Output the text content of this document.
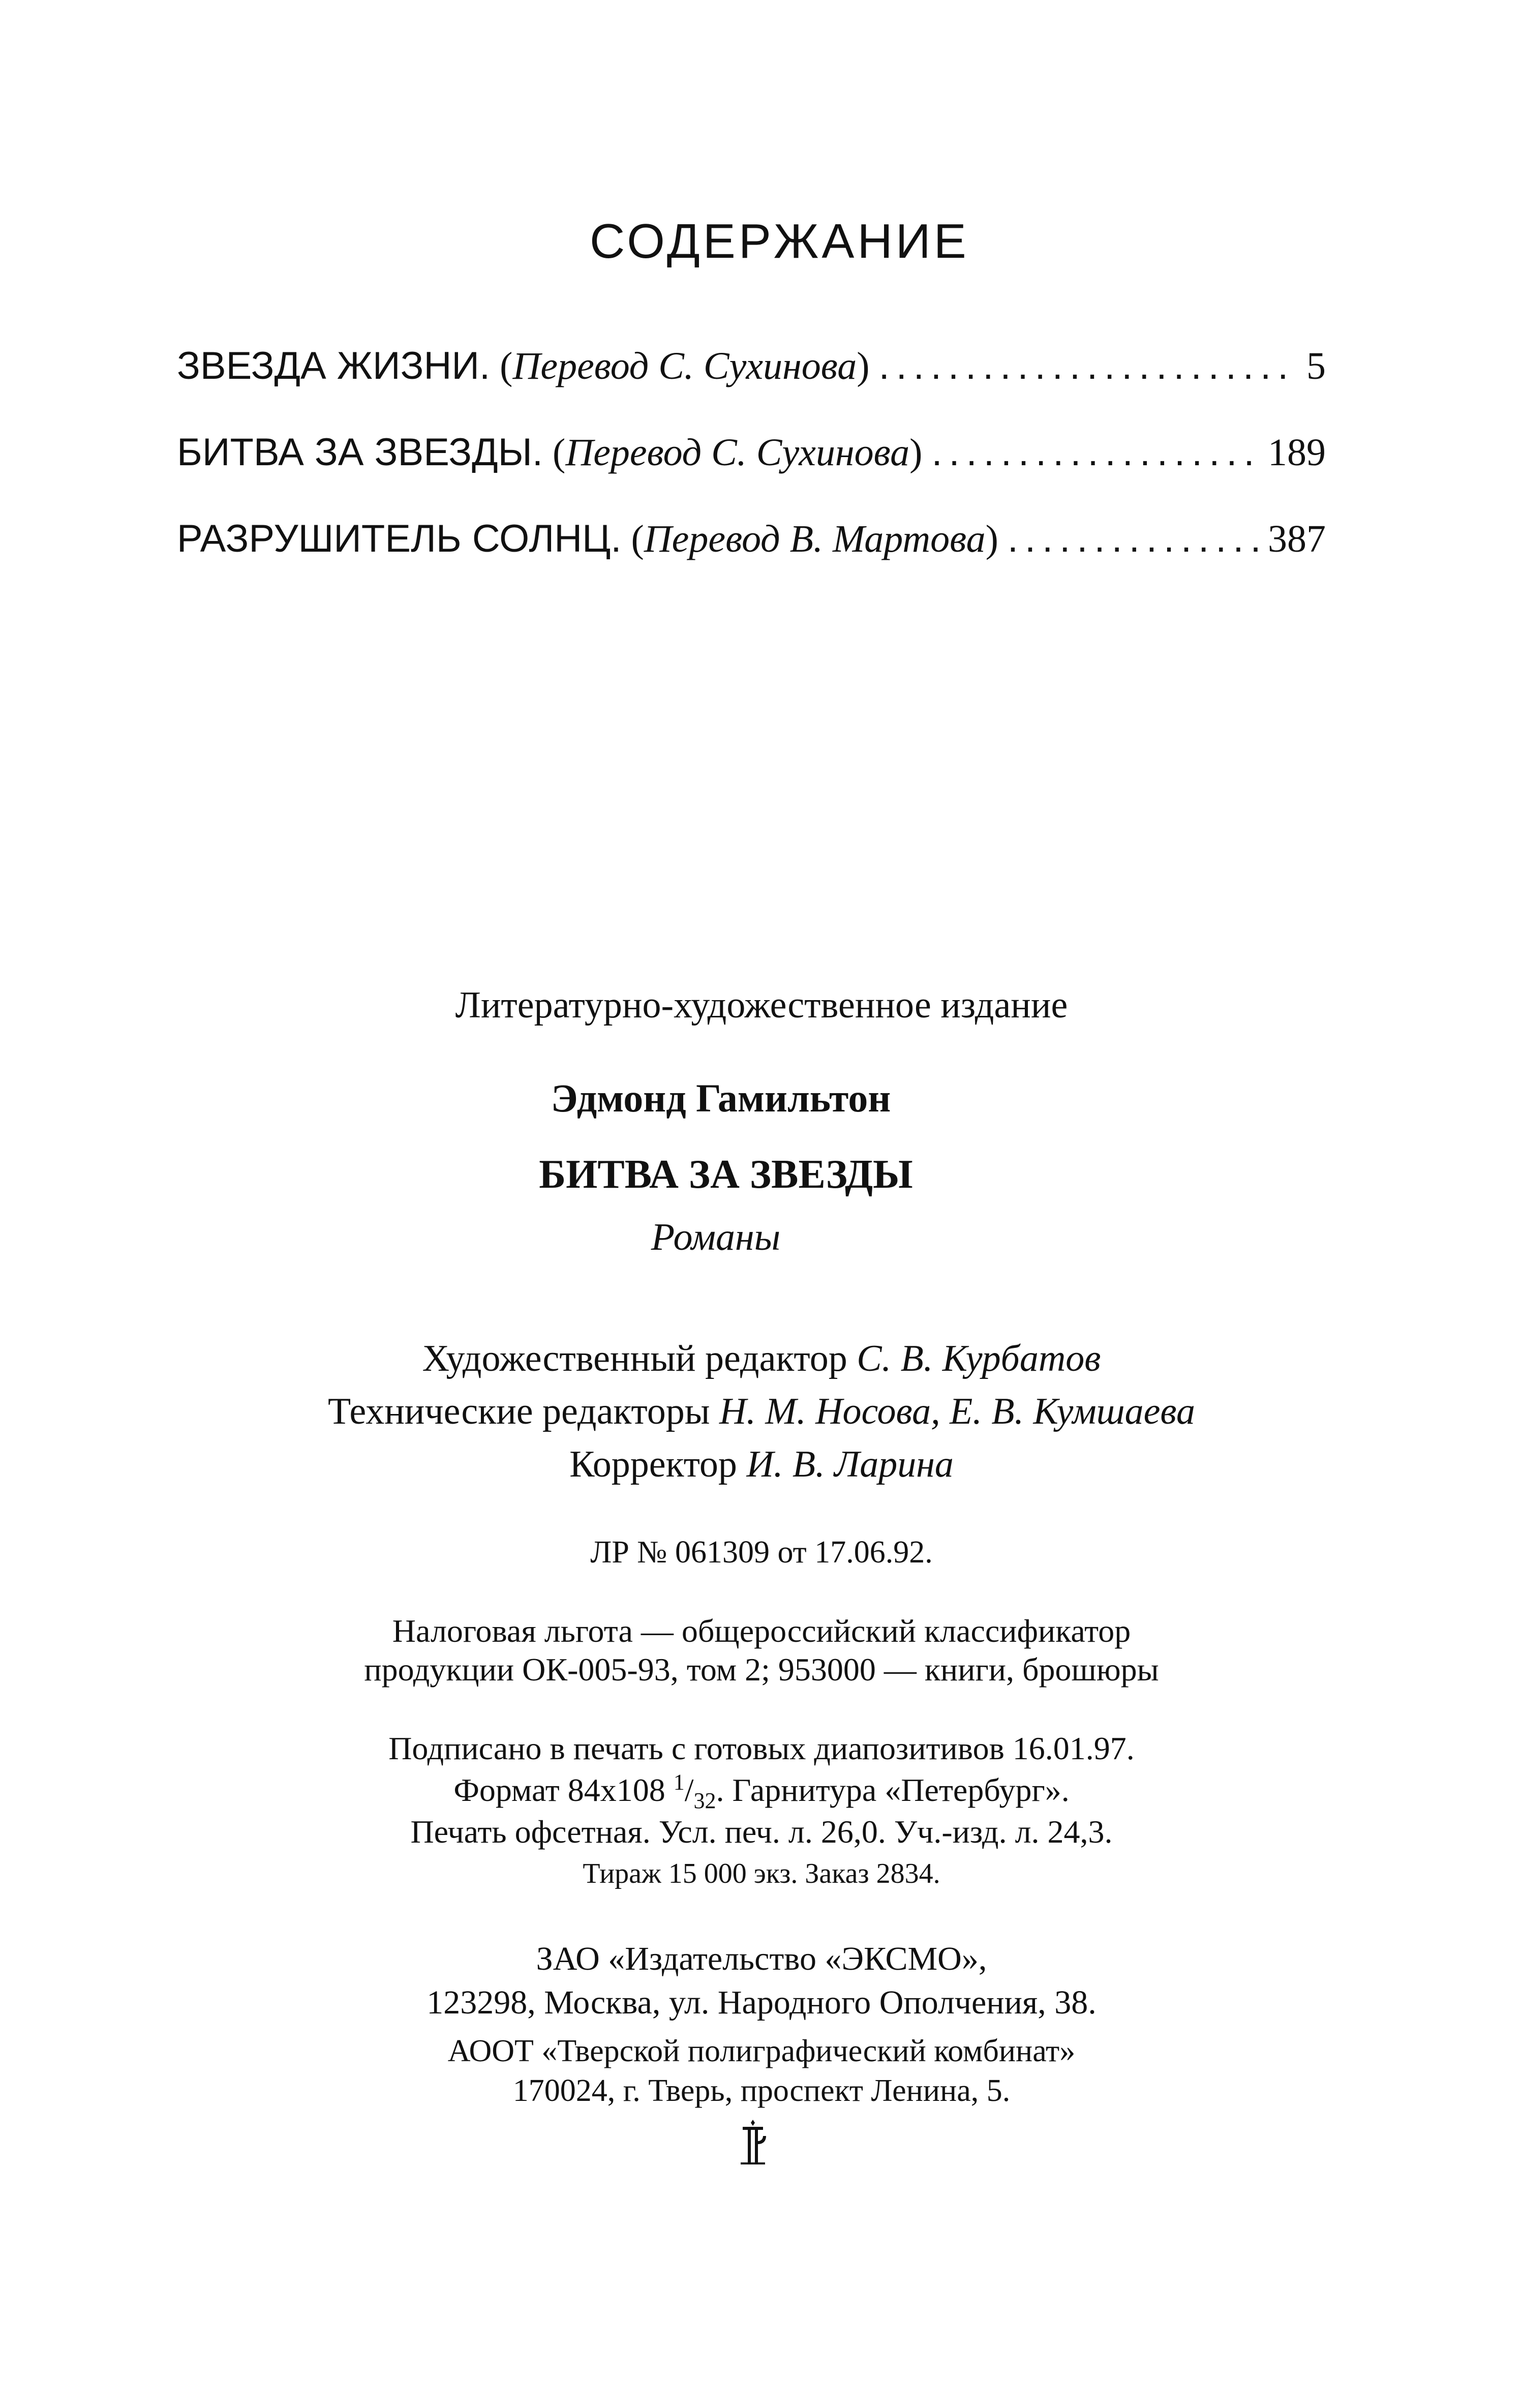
СОДЕРЖАНИЕ
ЗВЕЗДА ЖИЗНИ. ( Перевод С. Сухинова ) .....	5
БИТВА ЗА ЗВЕЗДЫ. ( Перевод С. Сухинова ) .....	189
РАЗРУШИТЕЛЬ СОЛНЦ. ( Перевод В. Мартова ) .....	387
Литературно-художественное издание
Эдмонд Гамильтон
БИТВА ЗА ЗВЕЗДЫ
Романы
Художественный редактор С. В. Курбатов
Технические редакторы Н. М. Носова, Е. В. Кумшаева
Корректор И. В. Ларина
ЛР № 061309 от 17.06.92.
Налоговая льгота — общероссийский классификатор
продукции ОК-005-93, том 2; 953000 — книги, брошюры
Подписано в печать с готовых диапозитивов 16.01.97.
Формат 84х108 $^1/_{32}$. Гарнитура «Петербург».
Печать офсетная. Усл. печ. л. 26,0. Уч.-изд. л. 24,3.
Тираж 15 000 экз. Заказ 2834.
ЗАО «Издательство «ЭКСМО»,
123298, Москва, ул. Народного Ополчения, 38.
АООТ «Тверской полиграфический комбинат»
170024, г. Тверь, проспект Ленина, 5.
